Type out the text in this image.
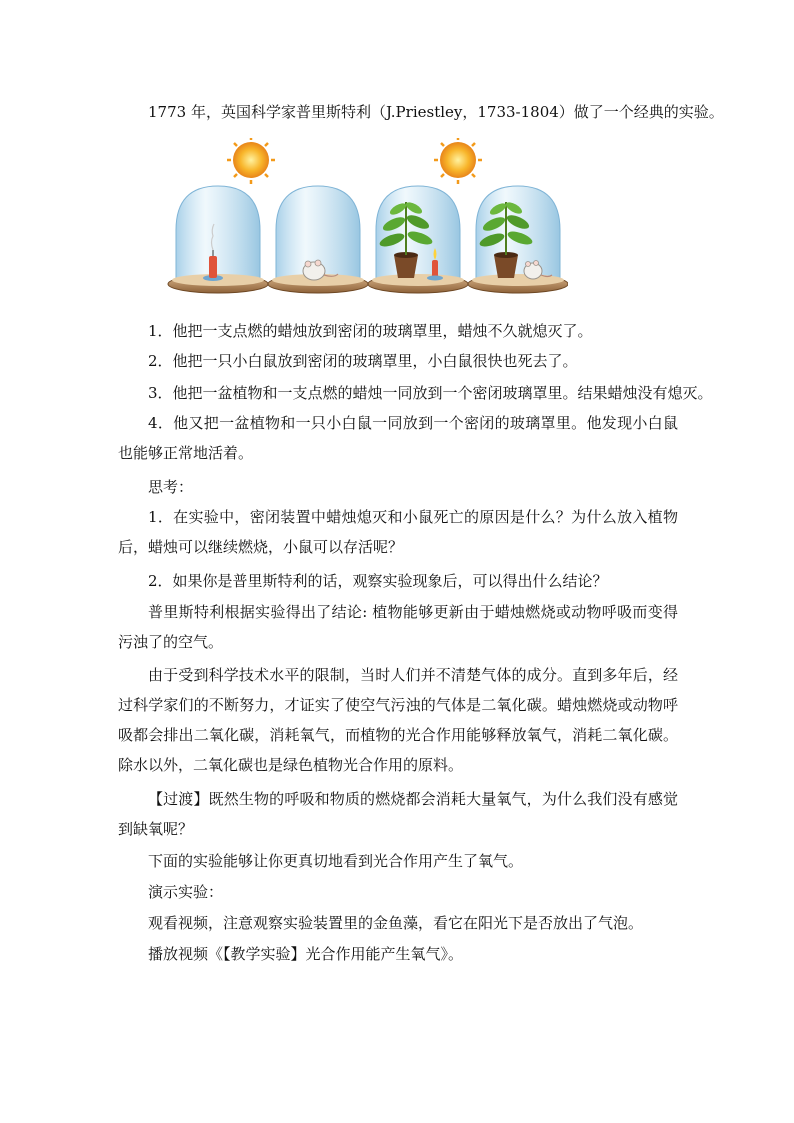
1773 年，英国科学家普里斯特利（J.Priestley，1733-1804）做了一个经典的实验。

1．他把一支点燃的蜡烛放到密闭的玻璃罩里，蜡烛不久就熄灭了。

2．他把一只小白鼠放到密闭的玻璃罩里，小白鼠很快也死去了。

3．他把一盆植物和一支点燃的蜡烛一同放到一个密闭玻璃罩里。结果蜡烛没有熄灭。

4．他又把一盆植物和一只小白鼠一同放到一个密闭的玻璃罩里。他发现小白鼠也能够正常地活着。

思考：

1．在实验中，密闭装置中蜡烛熄灭和小鼠死亡的原因是什么？为什么放入植物后，蜡烛可以继续燃烧，小鼠可以存活呢？

2．如果你是普里斯特利的话，观察实验现象后，可以得出什么结论？

普里斯特利根据实验得出了结论: 植物能够更新由于蜡烛燃烧或动物呼吸而变得污浊了的空气。

由于受到科学技术水平的限制，当时人们并不清楚气体的成分。直到多年后，经过科学家们的不断努力，才证实了使空气污浊的气体是二氧化碳。蜡烛燃烧或动物呼吸都会排出二氧化碳，消耗氧气，而植物的光合作用能够释放氧气，消耗二氧化碳。除水以外，二氧化碳也是绿色植物光合作用的原料。

【过渡】既然生物的呼吸和物质的燃烧都会消耗大量氧气，为什么我们没有感觉到缺氧呢？

下面的实验能够让你更真切地看到光合作用产生了氧气。

演示实验：

观看视频，注意观察实验装置里的金鱼藻，看它在阳光下是否放出了气泡。

播放视频《【教学实验】光合作用能产生氧气》。
